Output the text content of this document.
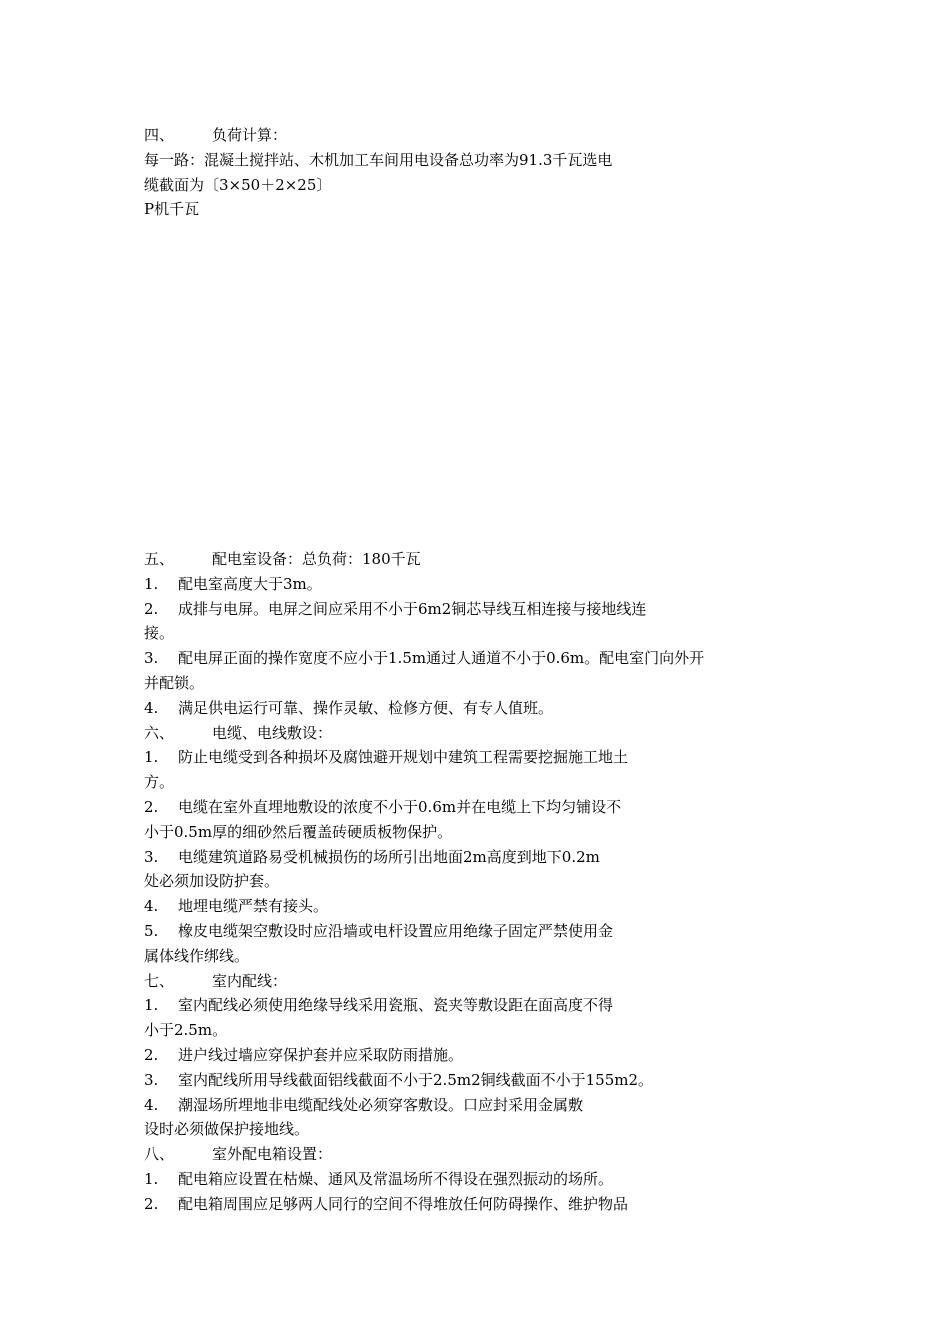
四、	负荷计算：
每一路：混凝土搅拌站、木机加工车间用电设备总功率为91.3千瓦选电
缆截面为〔3×50＋2×25〕
P机千瓦
五、	配电室设备：总负荷：180千瓦
1. 配电室高度大于3m。
2. 成排与电屏。电屏之间应采用不小于6m2铜芯导线互相连接与接地线连
接。
3. 配电屏正面的操作宽度不应小于1.5m通过人通道不小于0.6m。配电室门向外开
并配锁。
4. 满足供电运行可靠、操作灵敏、检修方便、有专人值班。
六、	电缆、电线敷设：
1. 防止电缆受到各种损坏及腐蚀避开规划中建筑工程需要挖掘施工地土
方。
2. 电缆在室外直埋地敷设的浓度不小于0.6m并在电缆上下均匀铺设不
小于0.5m厚的细砂然后覆盖砖硬质板物保护。
3. 电缆建筑道路易受机械损伤的场所引出地面2m高度到地下0.2m
处必须加设防护套。
4. 地埋电缆严禁有接头。
5. 橡皮电缆架空敷设时应沿墙或电杆设置应用绝缘子固定严禁使用金
属体线作绑线。
七、	室内配线：
1. 室内配线必须使用绝缘导线采用瓷瓶、瓷夹等敷设距在面高度不得
小于2.5m。
2. 进户线过墙应穿保护套并应采取防雨措施。
3. 室内配线所用导线截面铝线截面不小于2.5m2铜线截面不小于155m2。
4. 潮湿场所埋地非电缆配线处必须穿客敷设。口应封采用金属敷
设时必须做保护接地线。
八、	室外配电箱设置：
1. 配电箱应设置在枯燥、通风及常温场所不得设在强烈振动的场所。
2. 配电箱周围应足够两人同行的空间不得堆放任何防碍操作、维护物品
